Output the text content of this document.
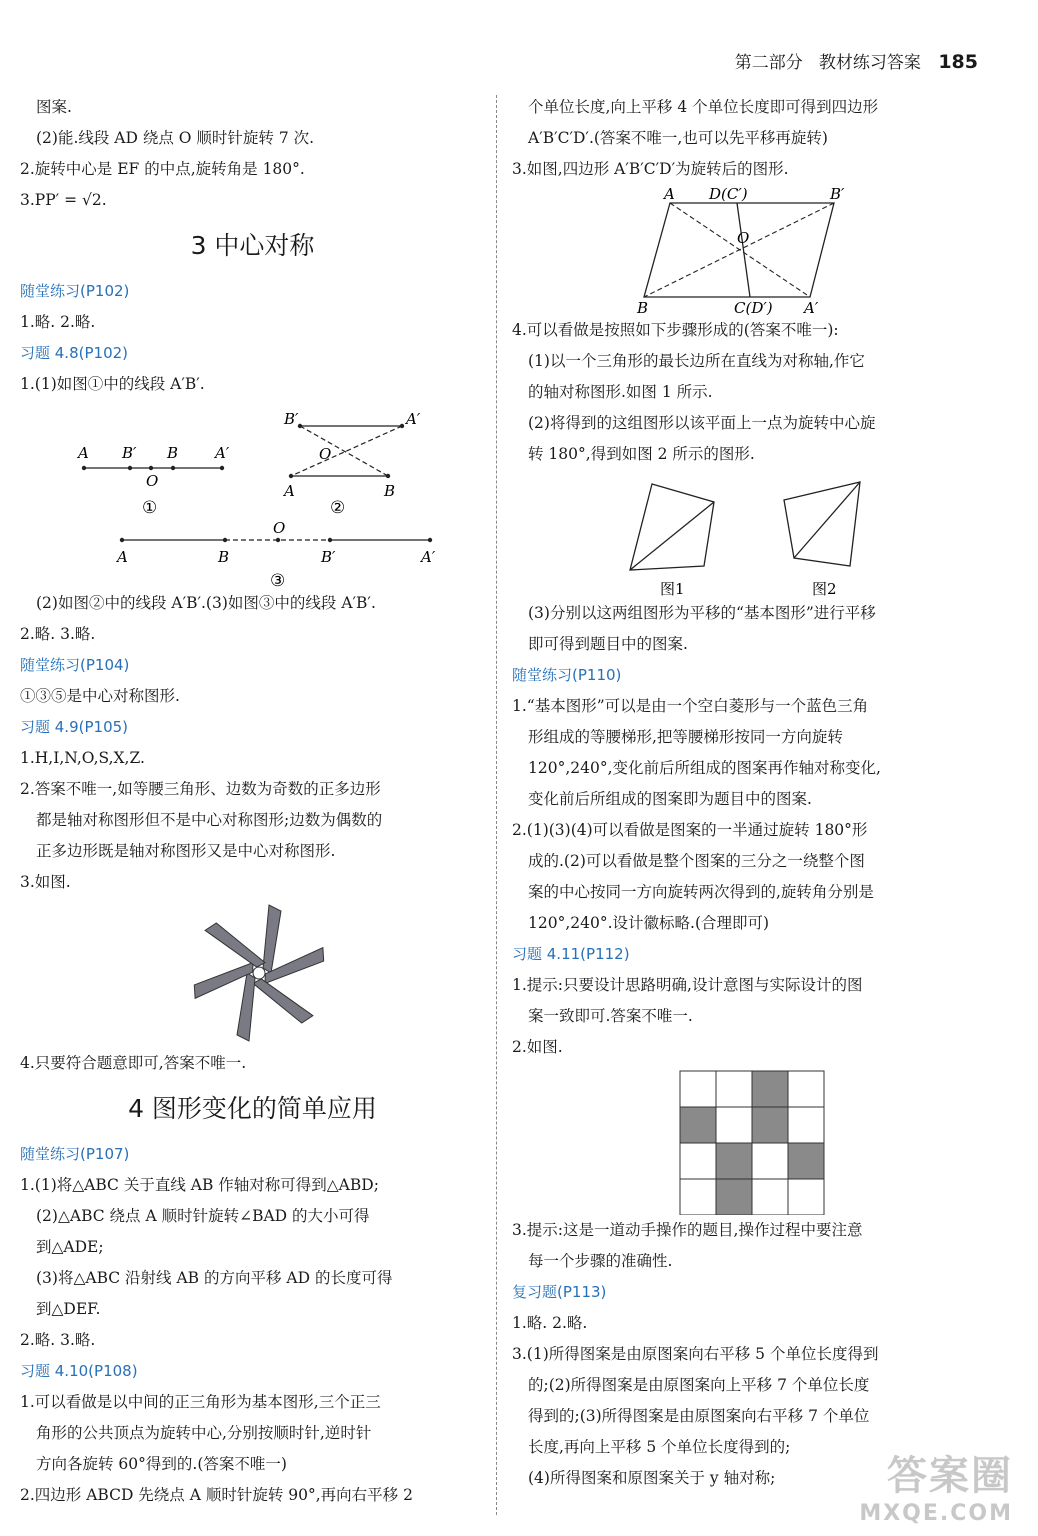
第二部分 教材练习答案 185
图案.
(2)能.线段 AD 绕点 O 顺时针旋转 7 次.
2.旋转中心是 EF 的中点,旋转角是 180°.
3.PP′ = √2.
3 中心对称
随堂练习(P102)
1.略. 2.略.
习题 4.8(P102)
1.(1)如图①中的线段 A′B′.
A B′
O
B A′
①
B′	A′
O
A	B
②
O
A	B	B′	A′
③
(2)如图②中的线段 A′B′.(3)如图③中的线段 A′B′.
2.略. 3.略.
随堂练习(P104)
①③⑤是中心对称图形.
习题 4.9(P105)
1.H,I,N,O,S,X,Z.
2.答案不唯一,如等腰三角形、边数为奇数的正多边形
都是轴对称图形但不是中心对称图形;边数为偶数的
正多边形既是轴对称图形又是中心对称图形.
3.如图.
4.只要符合题意即可,答案不唯一.
4 图形变化的简单应用
随堂练习(P107)
1.(1)将△ABC 关于直线 AB 作轴对称可得到△ABD;
(2)△ABC 绕点 A 顺时针旋转∠BAD 的大小可得
到△ADE;
(3)将△ABC 沿射线 AB 的方向平移 AD 的长度可得
到△DEF.
2.略. 3.略.
习题 4.10(P108)
1.可以看做是以中间的正三角形为基本图形,三个正三
角形的公共顶点为旋转中心,分别按顺时针,逆时针
方向各旋转 60°得到的.(答案不唯一)
2.四边形 ABCD 先绕点 A 顺时针旋转 90°,再向右平移 2
个单位长度,向上平移 4 个单位长度即可得到四边形
A′B′C′D′.(答案不唯一,也可以先平移再旋转)
3.如图,四边形 A′B′C′D′为旋转后的图形.
A D(C′)	B′
O
B	C(D′) A′
4.可以看做是按照如下步骤形成的(答案不唯一):
(1)以一个三角形的最长边所在直线为对称轴,作它
的轴对称图形.如图 1 所示.
(2)将得到的这组图形以该平面上一点为旋转中心旋
转 180°,得到如图 2 所示的图形.
图1	图2
(3)分别以这两组图形为平移的“基本图形”进行平移
即可得到题目中的图案.
随堂练习(P110)
1.“基本图形”可以是由一个空白菱形与一个蓝色三角
形组成的等腰梯形,把等腰梯形按同一方向旋转
120°,240°,变化前后所组成的图案再作轴对称变化,
变化前后所组成的图案即为题目中的图案.
2.(1)(3)(4)可以看做是图案的一半通过旋转 180°形
成的.(2)可以看做是整个图案的三分之一绕整个图
案的中心按同一方向旋转两次得到的,旋转角分别是
120°,240°.设计徽标略.(合理即可)
习题 4.11(P112)
1.提示:只要设计思路明确,设计意图与实际设计的图
案一致即可.答案不唯一.
2.如图.
3.提示:这是一道动手操作的题目,操作过程中要注意
每一个步骤的准确性.
复习题(P113)
1.略. 2.略.
3.(1)所得图案是由原图案向右平移 5 个单位长度得到
的;(2)所得图案是由原图案向上平移 7 个单位长度
得到的;(3)所得图案是由原图案向右平移 7 个单位
长度,再向上平移 5 个单位长度得到的;
(4)所得图案和原图案关于 y 轴对称;	答案圈
MXQE.COM
